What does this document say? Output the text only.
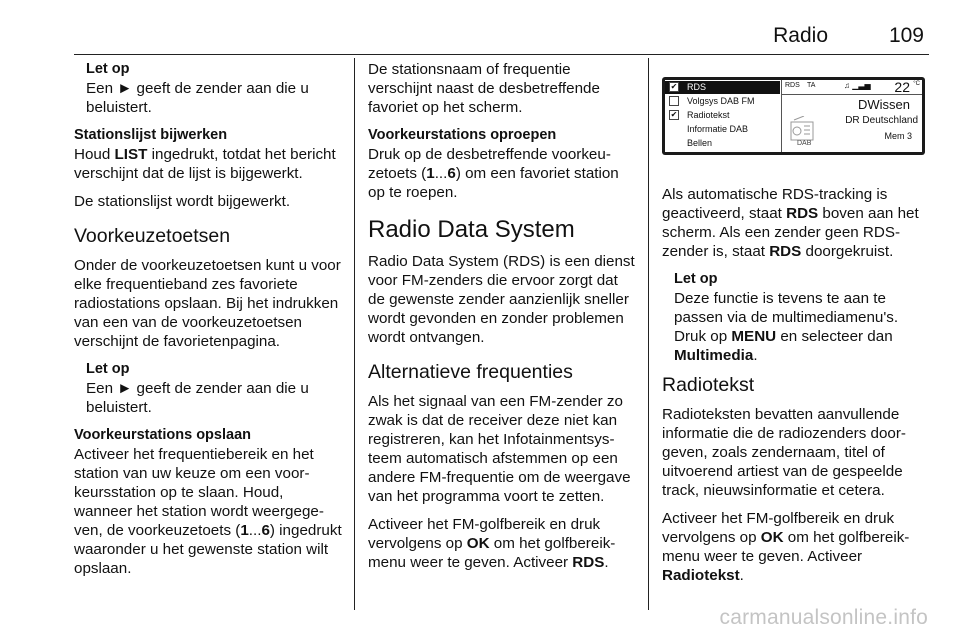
Radio	109
Let op
Een ► geeft de zender aan die u beluistert.
Stationslijst bijwerken

Houd LIST ingedrukt, totdat het bericht verschijnt dat de lijst is bijgewerkt.

De stationslijst wordt bijgewerkt.

Voorkeuzetoetsen

Onder de voorkeuzetoetsen kunt u voor elke frequentieband zes favoriete radiostations opslaan. Bij het indrukken van een van de voorkeuzetoetsen verschijnt de favorietenpagina.

Let op
Een ► geeft de zender aan die u beluistert.
Voorkeurstations opslaan

Activeer het frequentiebereik en het station van uw keuze om een voorkeursstation op te slaan. Houd, wanneer het station wordt weergegeven, de voorkeuzetoets (1...6) ingedrukt waaronder u het gewenste station wilt opslaan.

De stationsnaam of frequentie verschijnt naast de desbetreffende favoriet op het scherm.

Voorkeurstations oproepen

Druk op de desbetreffende voorkeuzetoets (1...6) om een favoriet station op te roepen.

Radio Data System

Radio Data System (RDS) is een dienst voor FM-zenders die ervoor zorgt dat de gewenste zender aanzienlijk sneller wordt gevonden en zonder problemen wordt ontvangen.

Alternatieve frequenties

Als het signaal van een FM-zender zo zwak is dat de receiver deze niet kan registreren, kan het Infotainmentsysteem automatisch afstemmen op een andere FM-frequentie om de weergave van het programma voort te zetten.

Activeer het FM-golfbereik en druk vervolgens op OK om het golfbereikmenu weer te geven. Activeer RDS.

✔ RDS
Volgsys DAB FM
✔ Radiotekst
Informatie DAB
Bellen
RDS TA	♫ ▁▃▅ 22 °C
DAB
DWissen
DR Deutschland
Mem 3

Als automatische RDS-tracking is geactiveerd, staat RDS boven aan het scherm. Als een zender geen RDS-zender is, staat RDS doorgekruist.

Let op
Deze functie is tevens te aan te passen via de multimediamenu's. Druk op MENU en selecteer dan Multimedia.
Radiotekst

Radioteksten bevatten aanvullende informatie die de radiozenders doorgeven, zoals zendernaam, titel of uitvoerend artiest van de gespeelde track, nieuwsinformatie et cetera.

Activeer het FM-golfbereik en druk vervolgens op OK om het golfbereikmenu weer te geven. Activeer Radiotekst.

carmanualsonline.info
